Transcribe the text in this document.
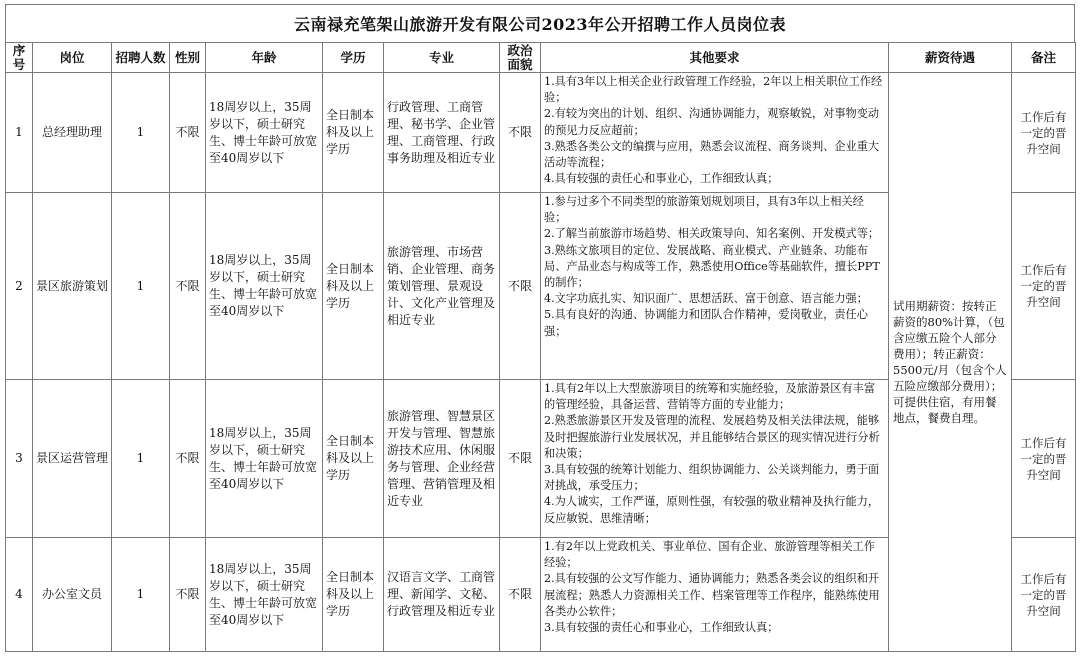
云南禄充笔架山旅游开发有限公司2023年公开招聘工作人员岗位表
序号	岗位	招聘人数	性别	年龄	学历	专业	政治面貌	其他要求	薪资待遇	备注
1	总经理助理	1	不限	18周岁以上，35周岁以下，硕士研究生、博士年龄可放宽至40周岁以下	全日制本科及以上学历	行政管理、工商管理、秘书学、企业管理、工商管理、行政事务助理及相近专业	不限	1.具有3年以上相关企业行政管理工作经验，2年以上相关职位工作经验；
2.有较为突出的计划、组织、沟通协调能力，观察敏锐，对事物变动的预见力反应超前；
3.熟悉各类公文的编撰与应用，熟悉会议流程、商务谈判、企业重大活动等流程；
4.具有较强的责任心和事业心，工作细致认真；	试用期薪资：按转正薪资的80%计算，（包含应缴五险个人部分费用）；转正薪资：5500元/月（包含个人五险应缴部分费用）；可提供住宿，有用餐地点，餐费自理。	工作后有一定的晋升空间
2	景区旅游策划	1	不限	18周岁以上，35周岁以下，硕士研究生、博士年龄可放宽至40周岁以下	全日制本科及以上学历	旅游管理、市场营销、企业管理、商务策划管理、景观设计、文化产业管理及相近专业	不限	1.参与过多个不同类型的旅游策划规划项目，具有3年以上相关经验；
2.了解当前旅游市场趋势、相关政策导向、知名案例、开发模式等；
3.熟练文旅项目的定位、发展战略、商业模式、产业链条、功能布局、产品业态与构成等工作，熟悉使用Office等基础软件，擅长PPT的制作；
4.文字功底扎实、知识面广、思想活跃、富于创意、语言能力强；
5.具有良好的沟通、协调能力和团队合作精神，爱岗敬业，责任心强；		工作后有一定的晋升空间
3	景区运营管理	1	不限	18周岁以上，35周岁以下，硕士研究生、博士年龄可放宽至40周岁以下	全日制本科及以上学历	旅游管理、智慧景区开发与管理、智慧旅游技术应用、休闲服务与管理、企业经营管理、营销管理及相近专业	不限	1.具有2年以上大型旅游项目的统筹和实施经验，及旅游景区有丰富的管理经验，具备运营、营销等方面的专业能力；
2.熟悉旅游景区开发及管理的流程、发展趋势及相关法律法规，能够及时把握旅游行业发展状况，并且能够结合景区的现实情况进行分析和决策；
3.具有较强的统筹计划能力、组织协调能力、公关谈判能力，勇于面对挑战，承受压力；
4.为人诚实，工作严谨，原则性强，有较强的敬业精神及执行能力，反应敏锐、思维清晰；		工作后有一定的晋升空间
4	办公室文员	1	不限	18周岁以上，35周岁以下，硕士研究生、博士年龄可放宽至40周岁以下	全日制本科及以上学历	汉语言文学、工商管理、新闻学、文秘、行政管理及相近专业	不限	1.有2年以上党政机关、事业单位、国有企业、旅游管理等相关工作经验；
2.具有较强的公文写作能力、通协调能力；熟悉各类会议的组织和开展流程；熟悉人力资源相关工作、档案管理等工作程序，能熟练使用各类办公软件；
3.具有较强的责任心和事业心，工作细致认真；		工作后有一定的晋升空间
